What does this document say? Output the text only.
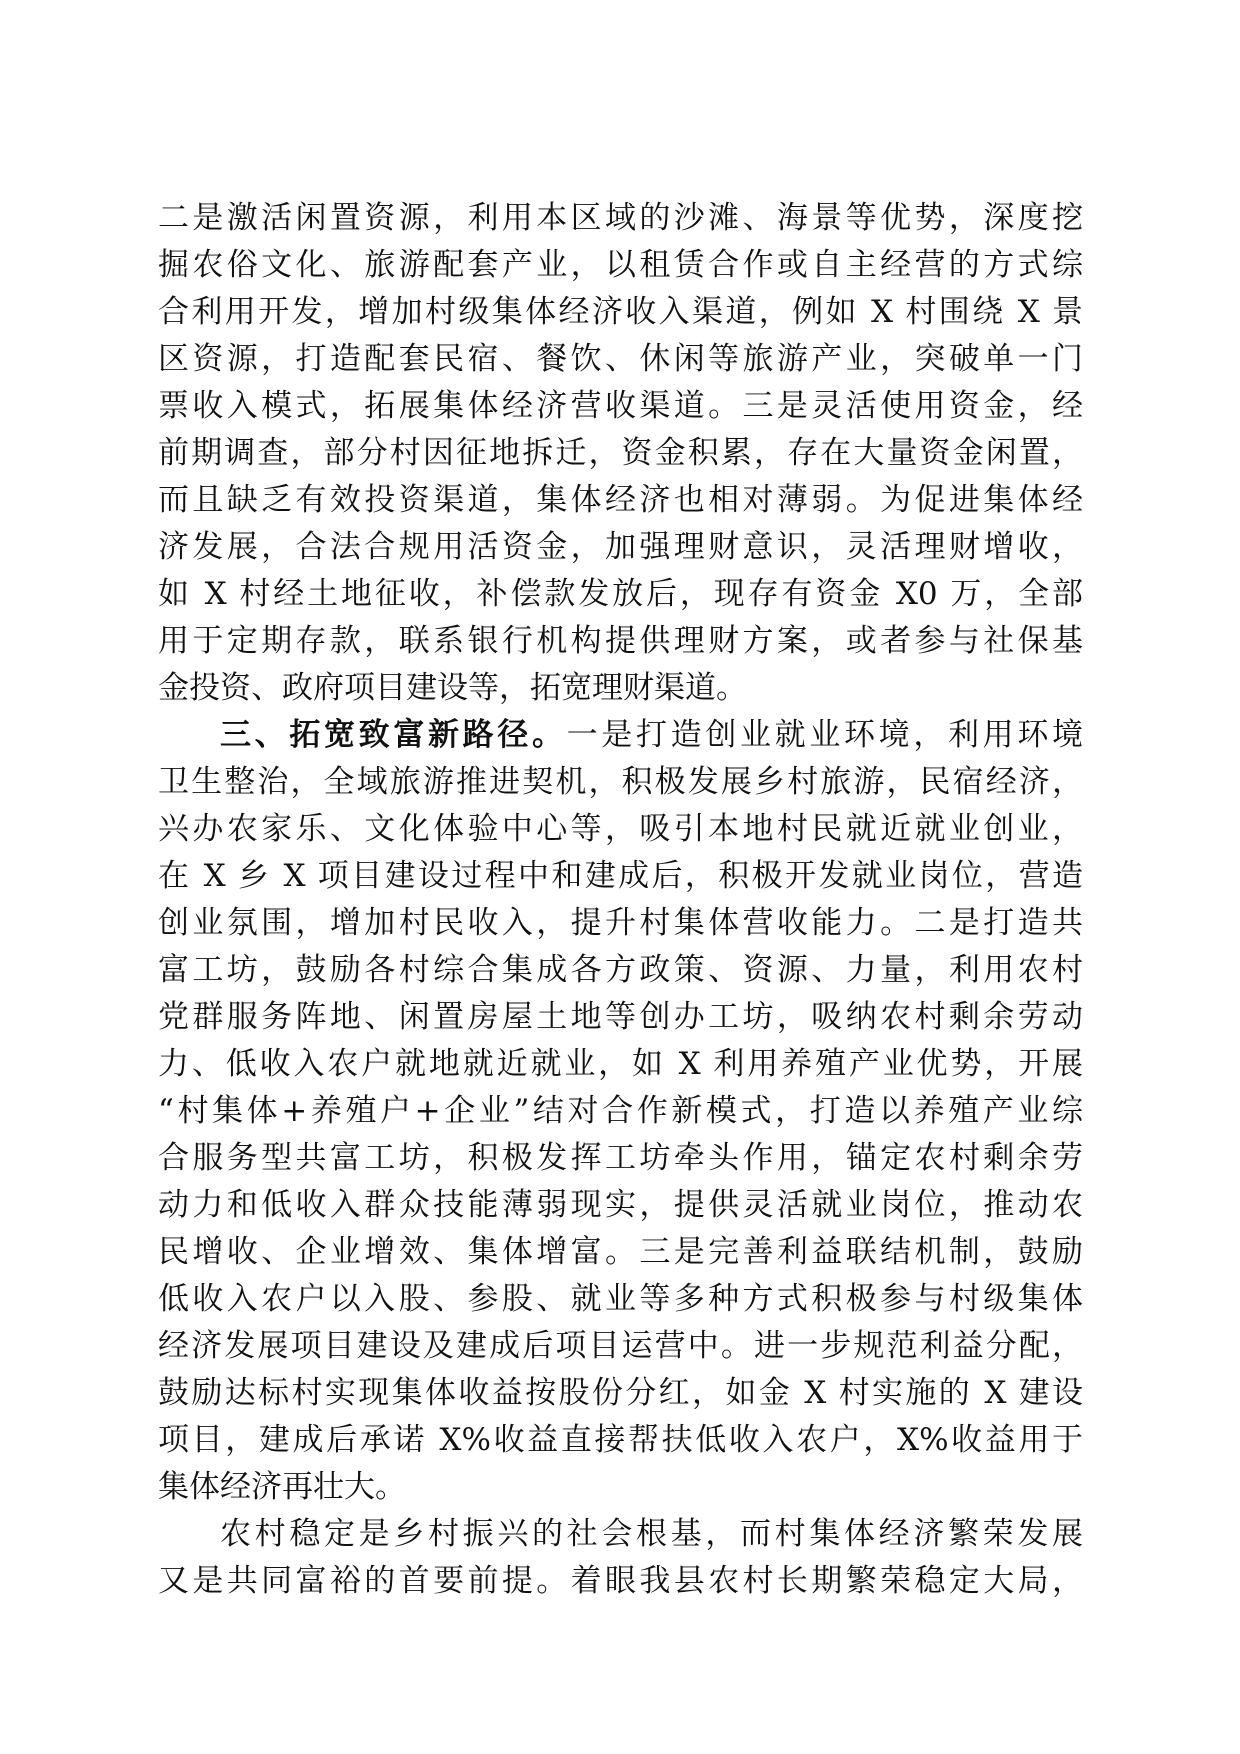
二是激活闲置资源，利用本区域的沙滩、海景等优势，深度挖
掘农俗文化、旅游配套产业，以租赁合作或自主经营的方式综
合利用开发，增加村级集体经济收入渠道，例如 X 村围绕 X 景
区资源，打造配套民宿、餐饮、休闲等旅游产业，突破单一门
票收入模式，拓展集体经济营收渠道。三是灵活使用资金，经
前期调查，部分村因征地拆迁，资金积累，存在大量资金闲置，
而且缺乏有效投资渠道，集体经济也相对薄弱。为促进集体经
济发展，合法合规用活资金，加强理财意识，灵活理财增收，
如 X 村经土地征收，补偿款发放后，现存有资金 X0 万，全部
用于定期存款，联系银行机构提供理财方案，或者参与社保基
金投资、政府项目建设等，拓宽理财渠道。
三、拓宽致富新路径。一是打造创业就业环境，利用环境
卫生整治，全域旅游推进契机，积极发展乡村旅游，民宿经济，
兴办农家乐、文化体验中心等，吸引本地村民就近就业创业，
在 X 乡 X 项目建设过程中和建成后，积极开发就业岗位，营造
创业氛围，增加村民收入，提升村集体营收能力。二是打造共
富工坊，鼓励各村综合集成各方政策、资源、力量，利用农村
党群服务阵地、闲置房屋土地等创办工坊，吸纳农村剩余劳动
力、低收入农户就地就近就业，如 X 利用养殖产业优势，开展
“村集体+养殖户+企业”结对合作新模式，打造以养殖产业综
合服务型共富工坊，积极发挥工坊牵头作用，锚定农村剩余劳
动力和低收入群众技能薄弱现实，提供灵活就业岗位，推动农
民增收、企业增效、集体增富。三是完善利益联结机制，鼓励
低收入农户以入股、参股、就业等多种方式积极参与村级集体
经济发展项目建设及建成后项目运营中。进一步规范利益分配，
鼓励达标村实现集体收益按股份分红，如金 X 村实施的 X 建设
项目，建成后承诺 X%收益直接帮扶低收入农户，X%收益用于
集体经济再壮大。
农村稳定是乡村振兴的社会根基，而村集体经济繁荣发展
又是共同富裕的首要前提。着眼我县农村长期繁荣稳定大局，
